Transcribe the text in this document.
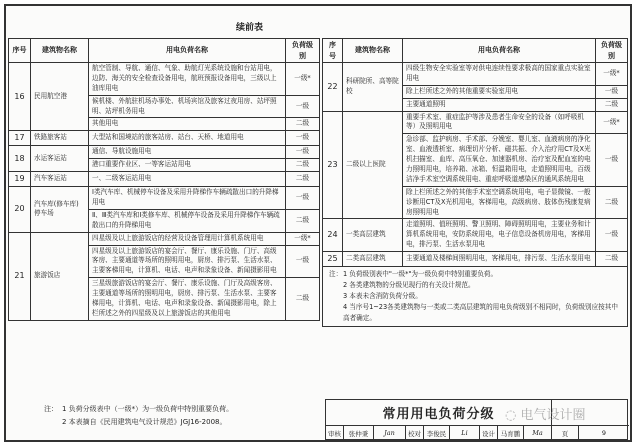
续前表
序号	建筑物名称	用电负荷名称	负荷级别
16	民用航空港	航空管制、导航、通信、气象、助航灯光系统设施和台站用电，边防、海关的安全检查设备用电，航班预报设备用电，三级以上油库用电	一级*
		候机楼、外航驻机场办事处、机场宾馆及旅客过夜用房、站坪照明、站坪机务用电	一级
		其他用电	二级
17	铁路旅客站	大型站和国境站的旅客站房、站台、天桥、地道用电	一级
18	水运客运站	通信、导航设施用电	一级
		港口重要作业区、一等客运站用电	二级
19	汽车客运站	一、二级客运站用电	二级
20	汽车库(修车库)停车场	Ⅰ类汽车库、机械停车设备及采用升降梯作车辆疏散出口的升降梯用电	一级
		Ⅱ、Ⅲ类汽车库和Ⅰ类修车库、机械停车设备及采用升降梯作车辆疏散出口的升降梯用电	二级
21	旅游饭店	四星级及以上旅游饭店的经营及设备管理用计算机系统用电	一级*
		四星级及以上旅游饭店的宴会厅、餐厅、康乐设施、门厅、高级客房、主要通道等场所的照明用电，厨房、排污泵、生活水泵、主要客梯用电，计算机、电话、电声和录象设备、新闻摄影用电	一级
		三星级旅游饭店的宴会厅、餐厅、康乐设施、门厅及高级客房、主要通道等场所的照明用电，厨房、排污泵、生活水泵、主要客梯用电，计算机、电话、电声和录象设备、新闻摄影用电，除上栏所述之外的四星级及以上旅游饭店的其他用电	二级
序号	建筑物名称	用电负荷名称	负荷级别
22	科研院所、高等院校	四级生物安全实验室等对供电连续性要求极高的国家重点实验室用电	一级*
		除上栏所述之外的其他重要实验室用电	一级
		主要通道照明	二级
23	二级以上医院	重要手术室、重症监护等涉及患者生命安全的设备（如呼吸机等）及照明用电	一级*
		急诊部、监护病房、手术部、分娩室、婴儿室、血液病房的净化室、血液透析室、病理切片分析、磁共振、介入治疗用CT及X光机扫描室、血库、高压氧仓、加速器机房、治疗室及配血室的电力照明用电，培养箱、冰箱、恒温箱用电，走道照明用电，百级洁净手术室空调系统用电、重症呼吸道感染区的通风系统用电	一级
		除上栏所述之外的其他手术室空调系统用电，电子显微镜、一般诊断用CT及X光机用电，客梯用电，高级病房、肢体伤残康复病房照明用电	二级
24	一类高层建筑	走道照明、值班照明、警卫照明、障碍照明用电，主要业务和计算机系统用电，安防系统用电，电子信息设备机房用电，客梯用电，排污泵、生活水泵用电	一级
25	二类高层建筑	主要通道及楼梯间照明用电，客梯用电，排污泵、生活水泵用电	二级
注： 1 负荷级别表中"一级*"为一级负荷中特别重要负荷。
2 各类建筑物的分级见现行的有关设计规范。
3 本表未含消防负荷分级。
4 当序号1~23各类建筑物与一类或二类高层建筑的用电负荷级别不相同时，负荷级别应按其中高者确定。			
注： 1 负荷分级表中（一级*）为一级负荷中特别重要负荷。
2 本表摘自《民用建筑电气设计规范》JGJ16-2008。	常用用电负荷分级
审核	张仲秉	Jan	校对 李俊民	Li	设计 马育鹏	Ma	页	9
◌ 电气设计圈
